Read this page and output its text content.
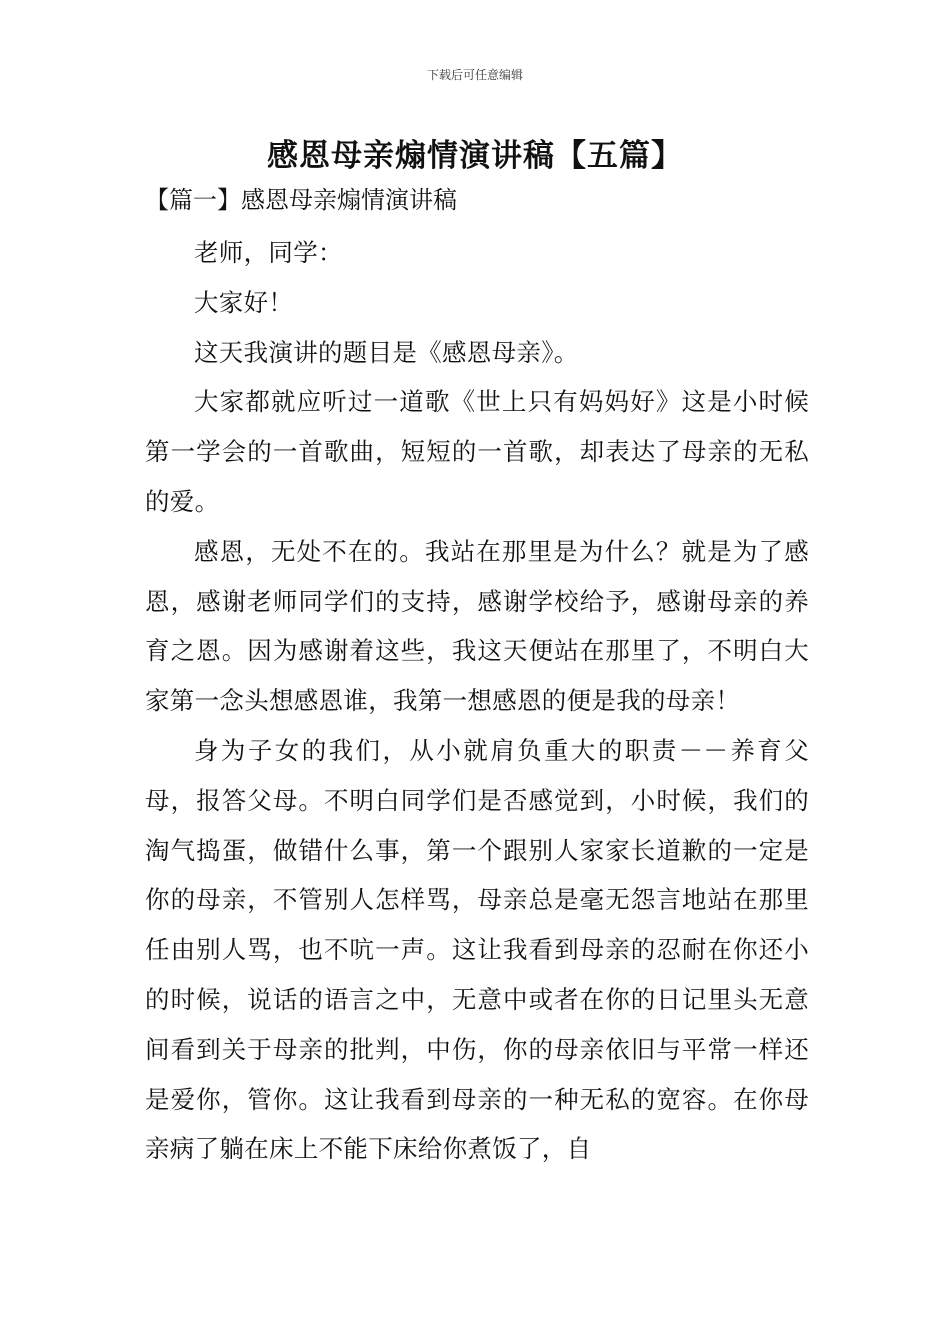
下载后可任意编辑
感恩母亲煽情演讲稿【五篇】
【篇一】感恩母亲煽情演讲稿

老师，同学：

大家好！

这天我演讲的题目是《感恩母亲》。

大家都就应听过一道歌《世上只有妈妈好》这是小时候第一学会的一首歌曲，短短的一首歌，却表达了母亲的无私的爱。

感恩，无处不在的。我站在那里是为什么？就是为了感恩，感谢老师同学们的支持，感谢学校给予，感谢母亲的养育之恩。因为感谢着这些，我这天便站在那里了，不明白大家第一念头想感恩谁，我第一想感恩的便是我的母亲！

身为子女的我们，从小就肩负重大的职责－－养育父母，报答父母。不明白同学们是否感觉到，小时候，我们的淘气捣蛋，做错什么事，第一个跟别人家家长道歉的一定是你的母亲，不管别人怎样骂，母亲总是毫无怨言地站在那里任由别人骂，也不吭一声。这让我看到母亲的忍耐在你还小的时候，说话的语言之中，无意中或者在你的日记里头无意间看到关于母亲的批判，中伤，你的母亲依旧与平常一样还是爱你，管你。这让我看到母亲的一种无私的宽容。在你母亲病了躺在床上不能下床给你煮饭了，自
